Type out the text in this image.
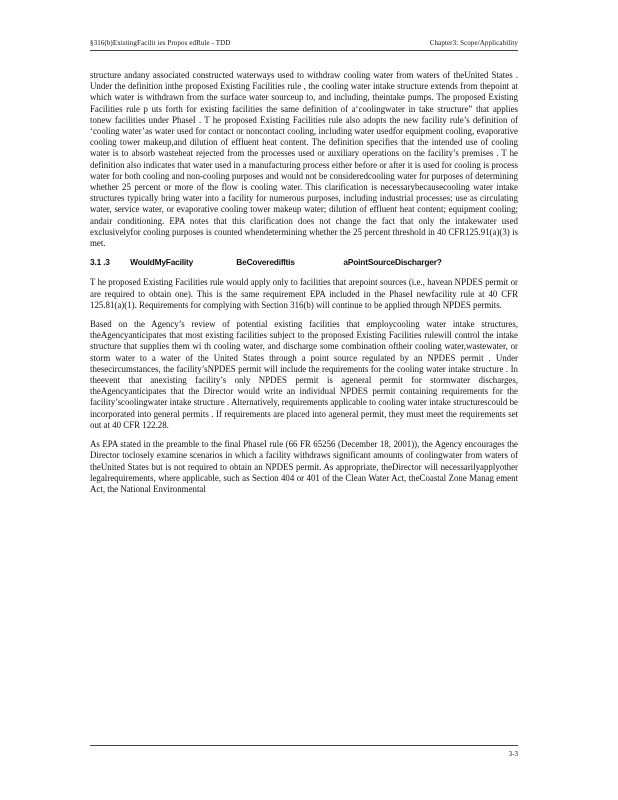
§316(b)ExistingFacilit ies Propos edRule - TDD	Chapter3: Scope/Applicability

structure andany associated constructed waterways used to withdraw cooling water from waters of theUnited States . Under the definition inthe proposed Existing Facilities rule , the cooling water intake structure extends from thepoint at which water is withdrawn from the surface water sourceup to, and including, theintake pumps. The proposed Existing Facilities rule p uts forth for existing facilities the same definition of a‘coolingwater in take structure” that applies tonew facilities under PhaseI . T he proposed Existing Facilities rule also adopts the new facility rule’s definition of ‘cooling water’as water used for contact or noncontact cooling, including water usedfor equipment cooling, evaporative cooling tower makeup,and dilution of effluent heat content. The definition specifies that the intended use of cooling water is to absorb wasteheat rejected from the processes used or auxiliary operations on the facility’s premises . T he definition also indicates that water used in a manufacturing process either before or after it is used for cooling is process water for both cooling and non-cooling purposes and would not be consideredcooling water for purposes of determining whether 25 percent or more of the flow is cooling water. This clarification is necessarybecausecooling water intake structures typically bring water into a facility for numerous purposes, including industrial processes; use as circulating water, service water, or evaporative cooling tower makeup water; dilution of effluent heat content; equipment cooling; andair conditioning. EPA notes that this clarification does not change the fact that only the intakewater used exclusivelyfor cooling purposes is counted whendetermining whether the 25 percent threshold in 40 CFR125.91(a)(3) is met.

3.1 .3 WouldMyFacility	BeCoveredifItis	aPointSourceDischarger?

T he proposed Existing Facilities rule would apply only to facilities that arepoint sources (i.e., havean NPDES permit or are required to obtain one). This is the same requirement EPA included in the PhaseI newfacility rule at 40 CFR 125.81(a)(1). Requirements for complying with Section 316(b) will continue to be applied through NPDES permits.

Based on the Agency’s review of potential existing facilities that employcooling water intake structures, theAgencyanticipates that most existing facilities subject to the proposed Existing Facilities rulewill control the intake structure that supplies them wi th cooling water, and discharge some combination oftheir cooling water,wastewater, or storm water to a water of the United States through a point source regulated by an NPDES permit . Under thesecircumstances, the facility’sNPDES permit will include the requirements for the cooling water intake structure . In theevent that anexisting facility’s only NPDES permit is ageneral permit for stormwater discharges, theAgencyanticipates that the Director would write an individual NPDES permit containing requirements for the facility’scoolingwater intake structure . Alternatively, requirements applicable to cooling water intake structurescould be incorporated into general permits . If requirements are placed into ageneral permit, they must meet the requirements set out at 40 CFR 122.28.

As EPA stated in the preamble to the final PhaseI rule (66 FR 65256 (December 18, 2001)), the Agency encourages the Director toclosely examine scenarios in which a facility withdraws significant amounts of coolingwater from waters of theUnited States but is not required to obtain an NPDES permit. As appropriate, theDirector will necessarilyapplyother legalrequirements, where applicable, such as Section 404 or 401 of the Clean Water Act, theCoastal Zone Manag ement Act, the National Environmental

3-3
